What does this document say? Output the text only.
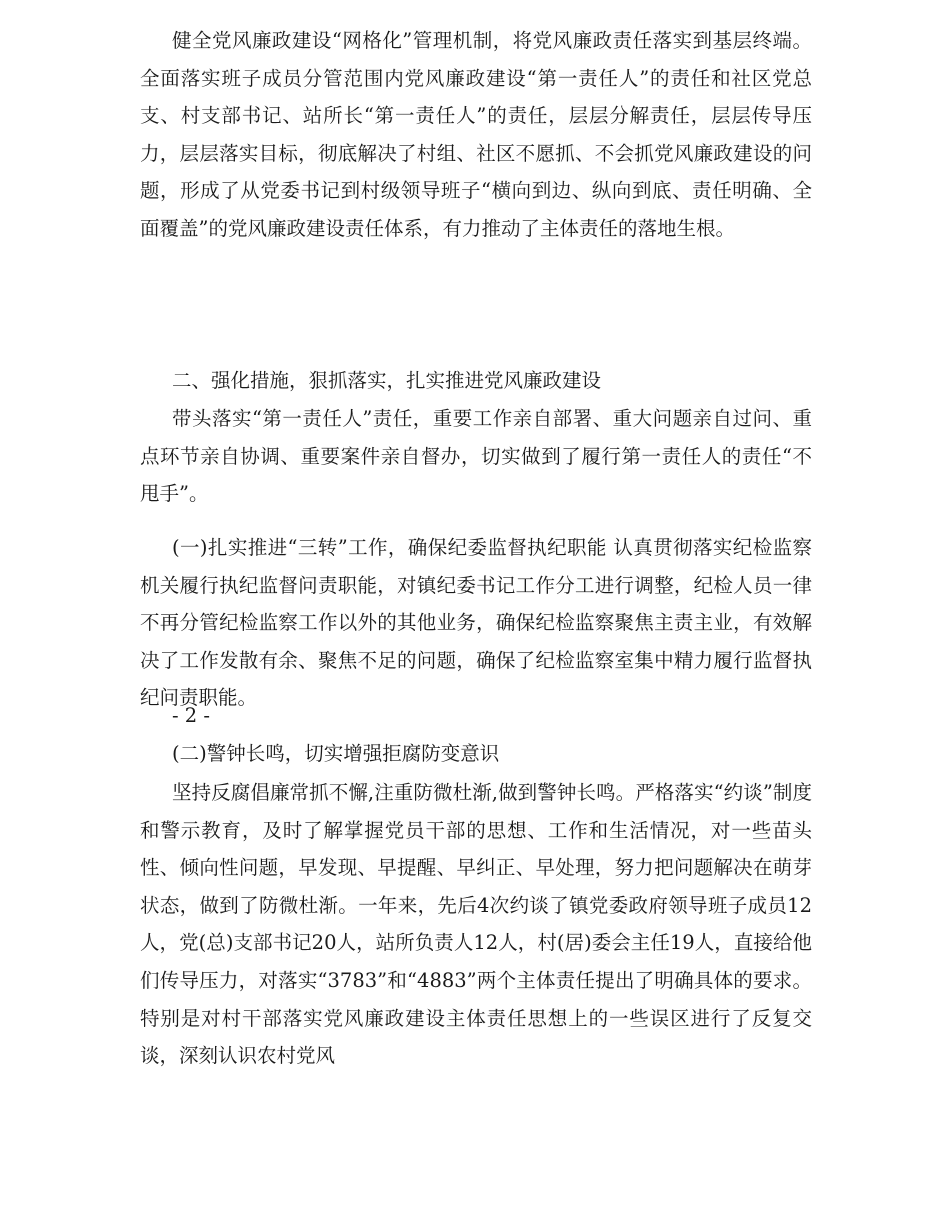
健全党风廉政建设“网格化”管理机制，将党风廉政责任落实到基层终端。全面落实班子成员分管范围内党风廉政建设“第一责任人”的责任和社区党总支、村支部书记、站所长“第一责任人”的责任，层层分解责任，层层传导压力，层层落实目标，彻底解决了村组、社区不愿抓、不会抓党风廉政建设的问题，形成了从党委书记到村级领导班子“横向到边、纵向到底、责任明确、全面覆盖”的党风廉政建设责任体系，有力推动了主体责任的落地生根。
二、强化措施，狠抓落实，扎实推进党风廉政建设
带头落实“第一责任人”责任，重要工作亲自部署、重大问题亲自过问、重点环节亲自协调、重要案件亲自督办，切实做到了履行第一责任人的责任“不甩手”。
(一)扎实推进“三转”工作，确保纪委监督执纪职能 认真贯彻落实纪检监察机关履行执纪监督问责职能，对镇纪委书记工作分工进行调整，纪检人员一律不再分管纪检监察工作以外的其他业务，确保纪检监察聚焦主责主业，有效解决了工作发散有余、聚焦不足的问题，确保了纪检监察室集中精力履行监督执纪问责职能。
- 2 -
(二)警钟长鸣，切实增强拒腐防变意识
坚持反腐倡廉常抓不懈,注重防微杜渐,做到警钟长鸣。严格落实“约谈”制度和警示教育，及时了解掌握党员干部的思想、工作和生活情况，对一些苗头性、倾向性问题，早发现、早提醒、早纠正、早处理，努力把问题解决在萌芽状态，做到了防微杜渐。一年来，先后4次约谈了镇党委政府领导班子成员12人，党(总)支部书记20人，站所负责人12人，村(居)委会主任19人，直接给他们传导压力，对落实“3783”和“4883”两个主体责任提出了明确具体的要求。特别是对村干部落实党风廉政建设主体责任思想上的一些误区进行了反复交谈，深刻认识农村党风
